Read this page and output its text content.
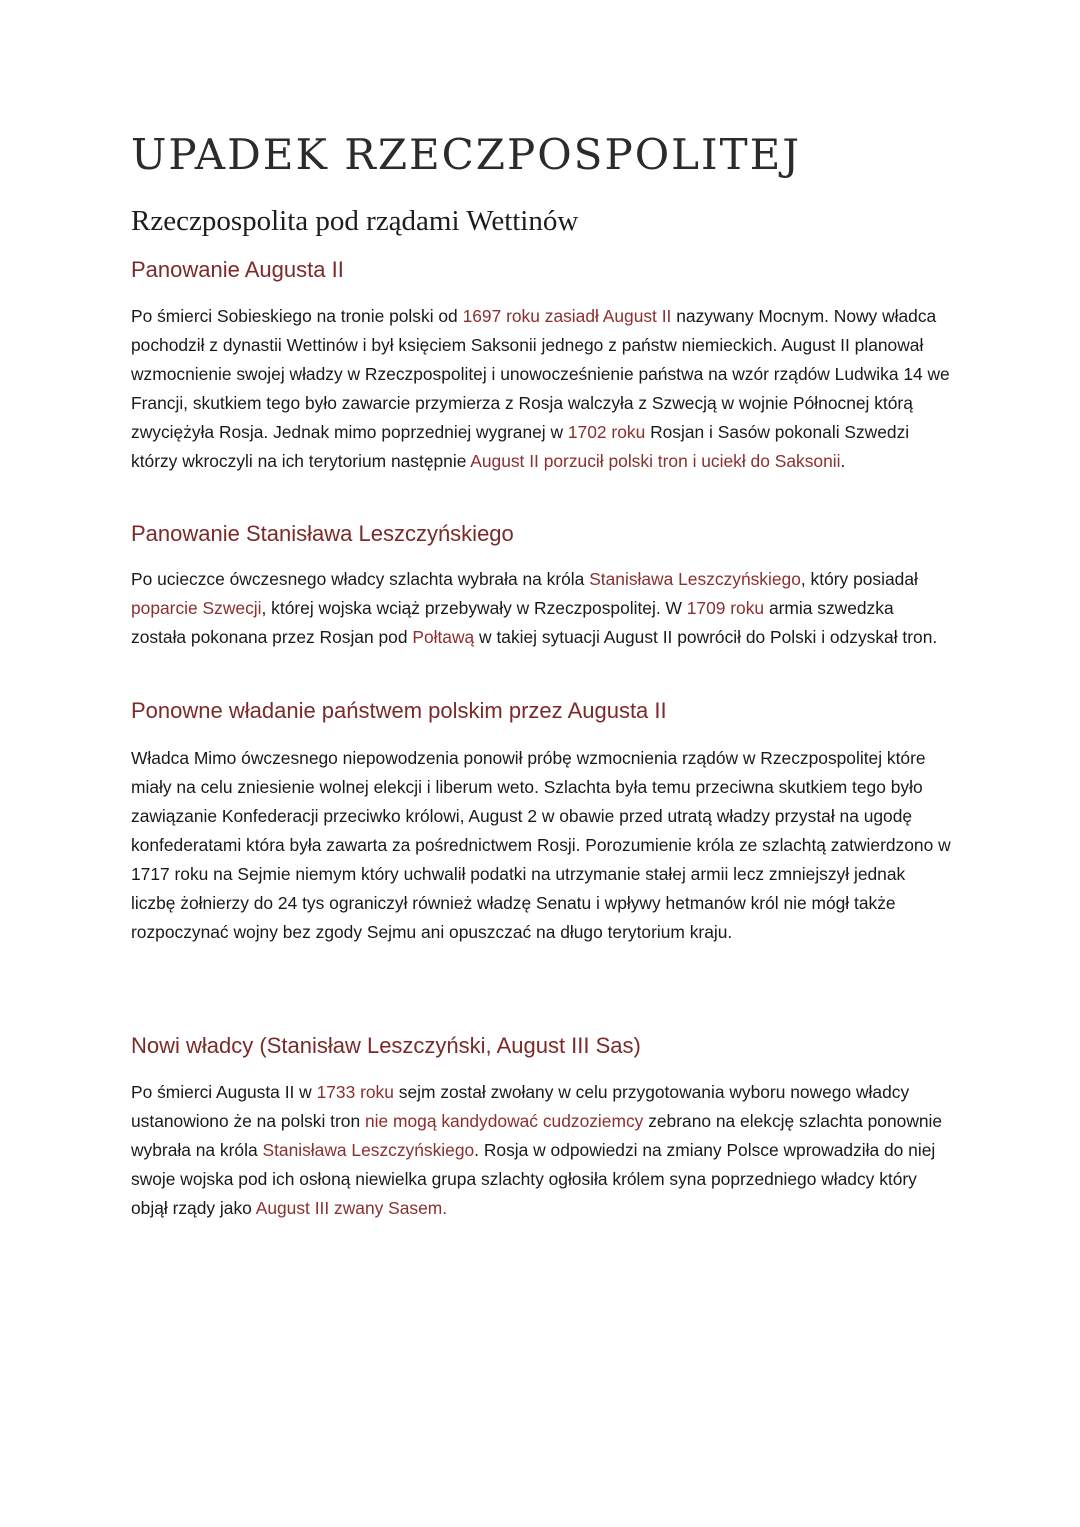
UPADEK RZECZPOSPOLITEJ
Rzeczpospolita pod rządami Wettinów
Panowanie Augusta II

Po śmierci Sobieskiego na tronie polski od 1697 roku zasiadł August II nazywany Mocnym. Nowy władca pochodził z dynastii Wettinów i był księciem Saksonii jednego z państw niemieckich. August II planował wzmocnienie swojej władzy w Rzeczpospolitej i unowocześnienie państwa na wzór rządów Ludwika 14 we Francji, skutkiem tego było zawarcie przymierza z Rosja walczyła z Szwecją w wojnie Północnej którą zwyciężyła Rosja. Jednak mimo poprzedniej wygranej w 1702 roku Rosjan i Sasów pokonali Szwedzi którzy wkroczyli na ich terytorium następnie August II porzucił polski tron i uciekł do Saksonii.

Panowanie Stanisława Leszczyńskiego

Po ucieczce ówczesnego władcy szlachta wybrała na króla Stanisława Leszczyńskiego, który posiadał poparcie Szwecji, której wojska wciąż przebywały w Rzeczpospolitej. W 1709 roku armia szwedzka została pokonana przez Rosjan pod Połtawą w takiej sytuacji August II powrócił do Polski i odzyskał tron.

Ponowne władanie państwem polskim przez Augusta II

Władca Mimo ówczesnego niepowodzenia ponowił próbę wzmocnienia rządów w Rzeczpospolitej które miały na celu zniesienie wolnej elekcji i liberum weto. Szlachta była temu przeciwna skutkiem tego było zawiązanie Konfederacji przeciwko królowi, August 2 w obawie przed utratą władzy przystał na ugodę konfederatami która była zawarta za pośrednictwem Rosji. Porozumienie króla ze szlachtą zatwierdzono w 1717 roku na Sejmie niemym który uchwalił podatki na utrzymanie stałej armii lecz zmniejszył jednak liczbę żołnierzy do 24 tys ograniczył również władzę Senatu i wpływy hetmanów król nie mógł także rozpoczynać wojny bez zgody Sejmu ani opuszczać na długo terytorium kraju.

Nowi władcy (Stanisław Leszczyński, August III Sas)

Po śmierci Augusta II w 1733 roku sejm został zwołany w celu przygotowania wyboru nowego władcy ustanowiono że na polski tron nie mogą kandydować cudzoziemcy zebrano na elekcję szlachta ponownie wybrała na króla Stanisława Leszczyńskiego. Rosja w odpowiedzi na zmiany Polsce wprowadziła do niej swoje wojska pod ich osłoną niewielka grupa szlachty ogłosiła królem syna poprzedniego władcy który objął rządy jako August III zwany Sasem.
